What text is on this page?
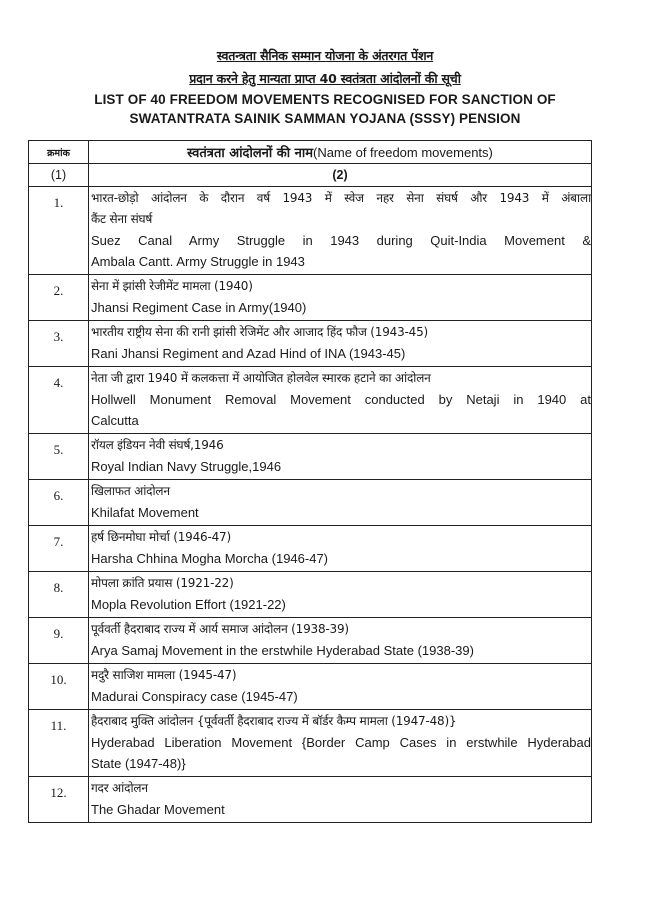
स्वतन्त्रता सैनिक सम्मान योजना के अंतरगत पेंशन
प्रदान करने हेतु मान्यता प्राप्त 40 स्वतंत्रता आंदोलनों की सूची
LIST OF 40 FREEDOM MOVEMENTS RECOGNISED FOR SANCTION OF
SWATANTRATA SAINIK SAMMAN YOJANA (SSSY) PENSION
क्रमांक	स्वतंत्रता आंदोलनों की नाम(Name of freedom movements)
(1)	(2)
1.	भारत-छोड़ो आंदोलन के दौरान वर्ष 1943 में स्वेज नहर सेना संघर्ष और 1943 में अंबाला
कैंट सेना संघर्ष
Suez Canal Army Struggle in 1943 during Quit-India Movement &
Ambala Cantt. Army Struggle in 1943

2.	सेना में झांसी रेजीमेंट मामला (1940)
Jhansi Regiment Case in Army(1940)

3.	भारतीय राष्ट्रीय सेना की रानी झांसी रेजिमेंट और आजाद हिंद फौज (1943-45)
Rani Jhansi Regiment and Azad Hind of INA (1943-45)

4.	नेता जी द्वारा 1940 में कलकत्ता में आयोजित होलवेल स्मारक हटाने का आंदोलन
Hollwell Monument Removal Movement conducted by Netaji in 1940 at
Calcutta

5.	रॉयल इंडियन नेवी संघर्ष,1946
Royal Indian Navy Struggle,1946

6.	खिलाफत आंदोलन
Khilafat Movement

7.	हर्ष छिनमोघा मोर्चा (1946-47)
Harsha Chhina Mogha Morcha (1946-47)

8.	मोपला क्रांति प्रयास (1921-22)
Mopla Revolution Effort (1921-22)

9.	पूर्ववर्ती हैदराबाद राज्य में आर्य समाज आंदोलन (1938-39)
Arya Samaj Movement in the erstwhile Hyderabad State (1938-39)

10.	मदुरै साजिश मामला (1945-47)
Madurai Conspiracy case (1945-47)

11.	हैदराबाद मुक्ति आंदोलन {पूर्ववर्ती हैदराबाद राज्य में बॉर्डर कैम्प मामला (1947-48)}
Hyderabad Liberation Movement {Border Camp Cases in erstwhile Hyderabad
State (1947-48)}

12.	गदर आंदोलन
The Ghadar Movement
